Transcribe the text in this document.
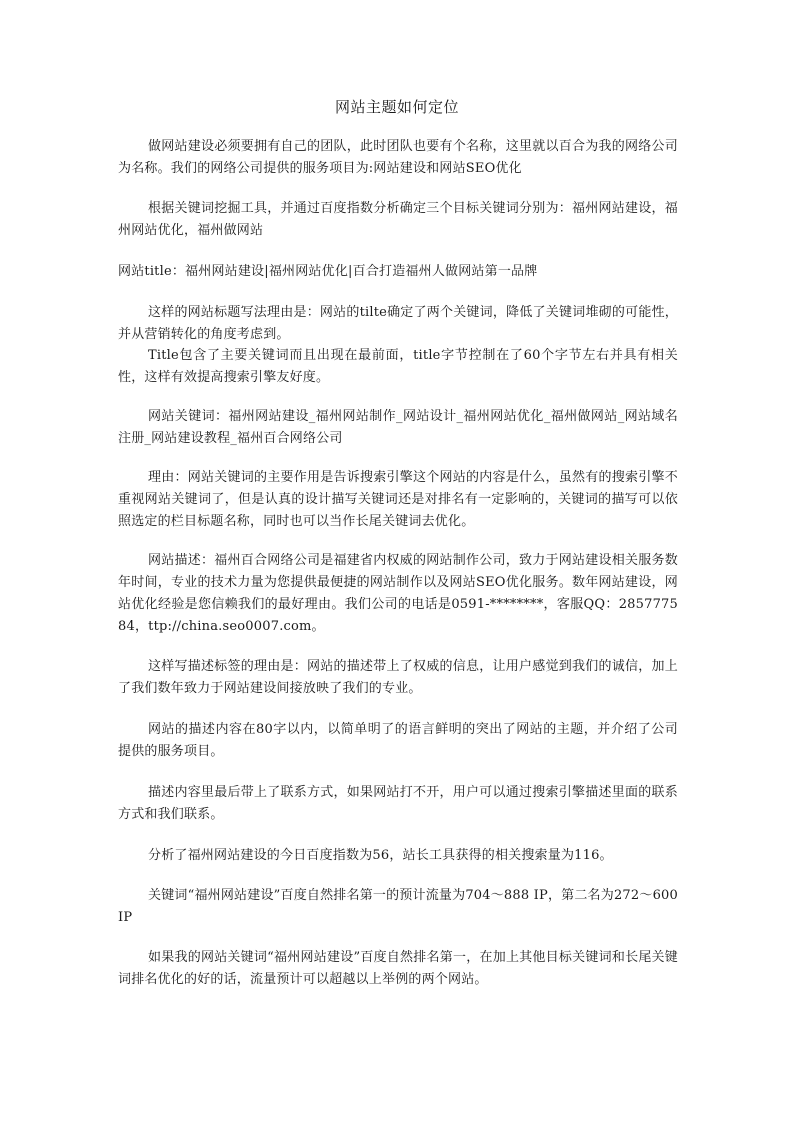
网站主题如何定位
做网站建设必须要拥有自己的团队，此时团队也要有个名称，这里就以百合为我的网络公司为名称。我们的网络公司提供的服务项目为:网站建设和网站SEO优化
根据关键词挖掘工具，并通过百度指数分析确定三个目标关键词分别为：福州网站建设，福州网站优化，福州做网站
网站title：福州网站建设|福州网站优化|百合打造福州人做网站第一品牌
这样的网站标题写法理由是：网站的tilte确定了两个关键词，降低了关键词堆砌的可能性，并从营销转化的角度考虑到。
Title包含了主要关键词而且出现在最前面，title字节控制在了60个字节左右并具有相关性，这样有效提高搜索引擎友好度。
网站关键词：福州网站建设_福州网站制作_网站设计_福州网站优化_福州做网站_网站域名注册_网站建设教程_福州百合网络公司
理由：网站关键词的主要作用是告诉搜索引擎这个网站的内容是什么，虽然有的搜索引擎不重视网站关键词了，但是认真的设计描写关键词还是对排名有一定影响的，关键词的描写可以依照选定的栏目标题名称，同时也可以当作长尾关键词去优化。
网站描述：福州百合网络公司是福建省内权威的网站制作公司，致力于网站建设相关服务数年时间，专业的技术力量为您提供最便捷的网站制作以及网站SEO优化服务。数年网站建设，网站优化经验是您信赖我们的最好理由。我们公司的电话是0591-********，客服QQ：285777584，ttp://china.seo0007.com。
这样写描述标签的理由是：网站的描述带上了权威的信息，让用户感觉到我们的诚信，加上了我们数年致力于网站建设间接放映了我们的专业。
网站的描述内容在80字以内，以简单明了的语言鲜明的突出了网站的主题，并介绍了公司提供的服务项目。
描述内容里最后带上了联系方式，如果网站打不开，用户可以通过搜索引擎描述里面的联系方式和我们联系。
分析了福州网站建设的今日百度指数为56，站长工具获得的相关搜索量为116。
关键词“福州网站建设”百度自然排名第一的预计流量为704～888 IP，第二名为272～600 IP
如果我的网站关键词“福州网站建设”百度自然排名第一，在加上其他目标关键词和长尾关键词排名优化的好的话，流量预计可以超越以上举例的两个网站。
